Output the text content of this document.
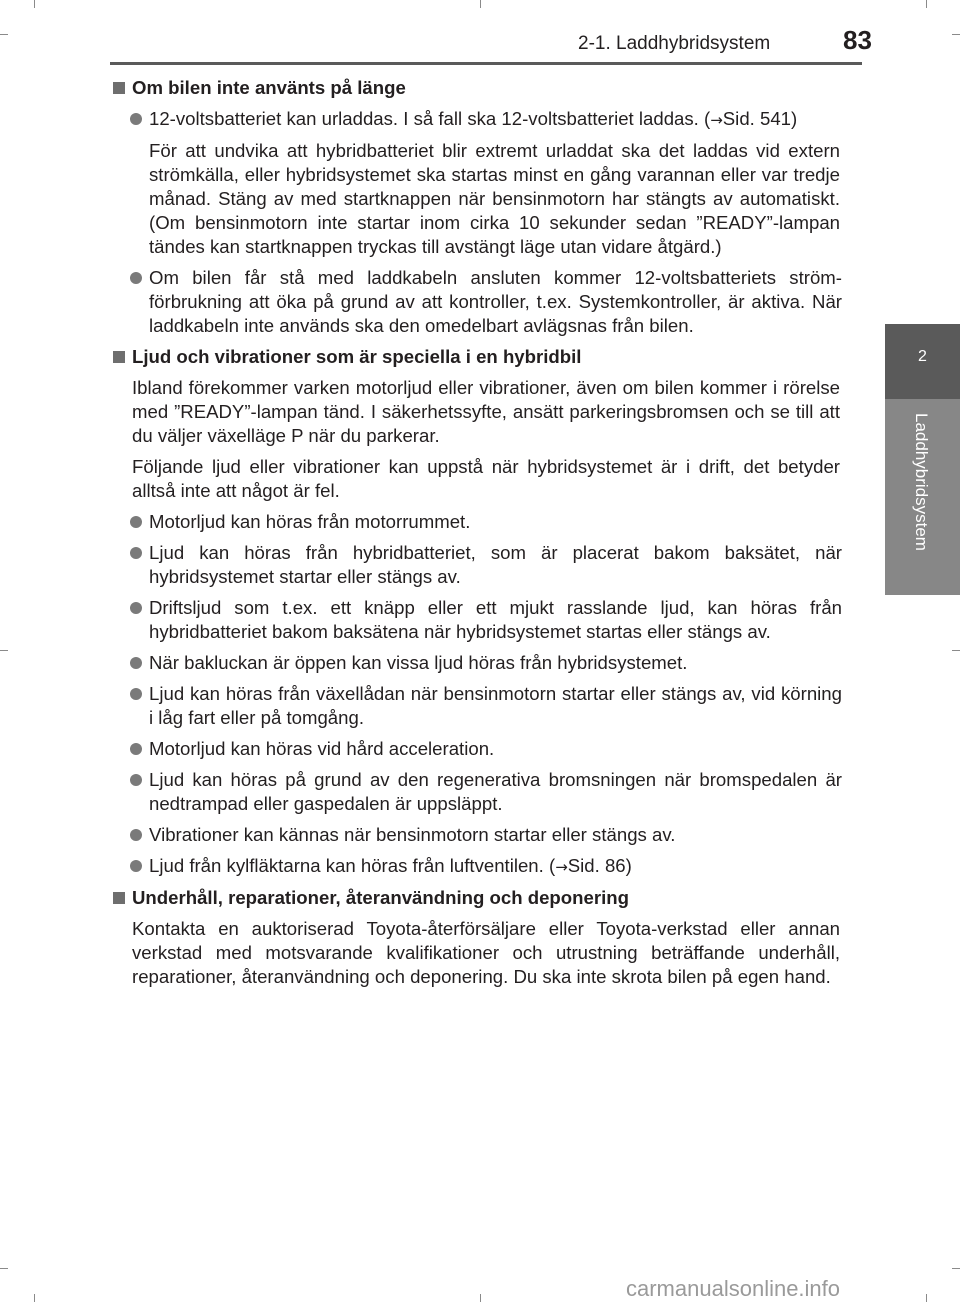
2-1. Laddhybridsystem	83
2
Laddhybridsystem
Om bilen inte använts på länge
12-voltsbatteriet kan urladdas. I så fall ska 12-voltsbatteriet laddas. (→Sid. 541)
För att undvika att hybridbatteriet blir extremt urladdat ska det laddas vid extern strömkälla, eller hybridsystemet ska startas minst en gång varannan eller var tredje månad. Stäng av med startknappen när bensinmotorn har stängts av automatiskt. (Om bensinmotorn inte startar inom cirka 10 sekunder sedan ”READY”-lampan tändes kan startknappen tryckas till avstängt läge utan vidare åtgärd.)
Om bilen får stå med laddkabeln ansluten kommer 12-voltsbatteriets strömförbrukning att öka på grund av att kontroller, t.ex. Systemkontroller, är aktiva. När laddkabeln inte används ska den omedelbart avlägsnas från bilen.
Ljud och vibrationer som är speciella i en hybridbil
Ibland förekommer varken motorljud eller vibrationer, även om bilen kommer i rörelse med ”READY”-lampan tänd. I säkerhetssyfte, ansätt parkeringsbromsen och se till att du väljer växelläge P när du parkerar.
Följande ljud eller vibrationer kan uppstå när hybridsystemet är i drift, det betyder alltså inte att något är fel.
Motorljud kan höras från motorrummet.
Ljud kan höras från hybridbatteriet, som är placerat bakom baksätet, när hybridsystemet startar eller stängs av.
Driftsljud som t.ex. ett knäpp eller ett mjukt rasslande ljud, kan höras från hybridbatteriet bakom baksätena när hybridsystemet startas eller stängs av.
När bakluckan är öppen kan vissa ljud höras från hybridsystemet.
Ljud kan höras från växellådan när bensinmotorn startar eller stängs av, vid körning i låg fart eller på tomgång.
Motorljud kan höras vid hård acceleration.
Ljud kan höras på grund av den regenerativa bromsningen när bromspedalen är nedtrampad eller gaspedalen är uppsläppt.
Vibrationer kan kännas när bensinmotorn startar eller stängs av.
Ljud från kylfläktarna kan höras från luftventilen. (→Sid. 86)
Underhåll, reparationer, återanvändning och deponering
Kontakta en auktoriserad Toyota-återförsäljare eller Toyota-verkstad eller annan verkstad med motsvarande kvalifikationer och utrustning beträffande underhåll, reparationer, återanvändning och deponering. Du ska inte skrota bilen på egen hand.
carmanualsonline.info
